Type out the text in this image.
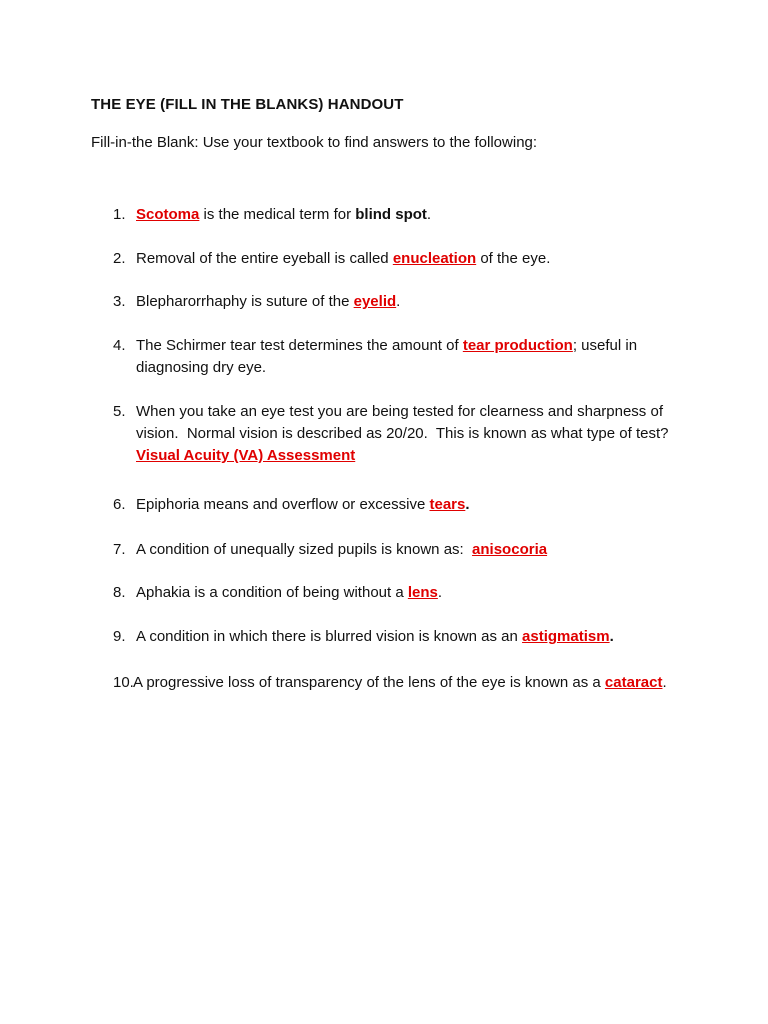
THE EYE (FILL IN THE BLANKS) HANDOUT
Fill-in-the Blank: Use your textbook to find answers to the following:
1. Scotoma is the medical term for blind spot.
2. Removal of the entire eyeball is called enucleation of the eye.
3. Blepharorrhaphy is suture of the eyelid.
4. The Schirmer tear test determines the amount of tear production; useful in
diagnosing dry eye.
5. When you take an eye test you are being tested for clearness and sharpness of
vision.  Normal vision is described as 20/20.  This is known as what type of test?
Visual Acuity (VA) Assessment
6. Epiphoria means and overflow or excessive tears.
7. A condition of unequally sized pupils is known as:  anisocoria
8. Aphakia is a condition of being without a lens.
9. A condition in which there is blurred vision is known as an astigmatism.
10. A progressive loss of transparency of the lens of the eye is known as a cataract.
